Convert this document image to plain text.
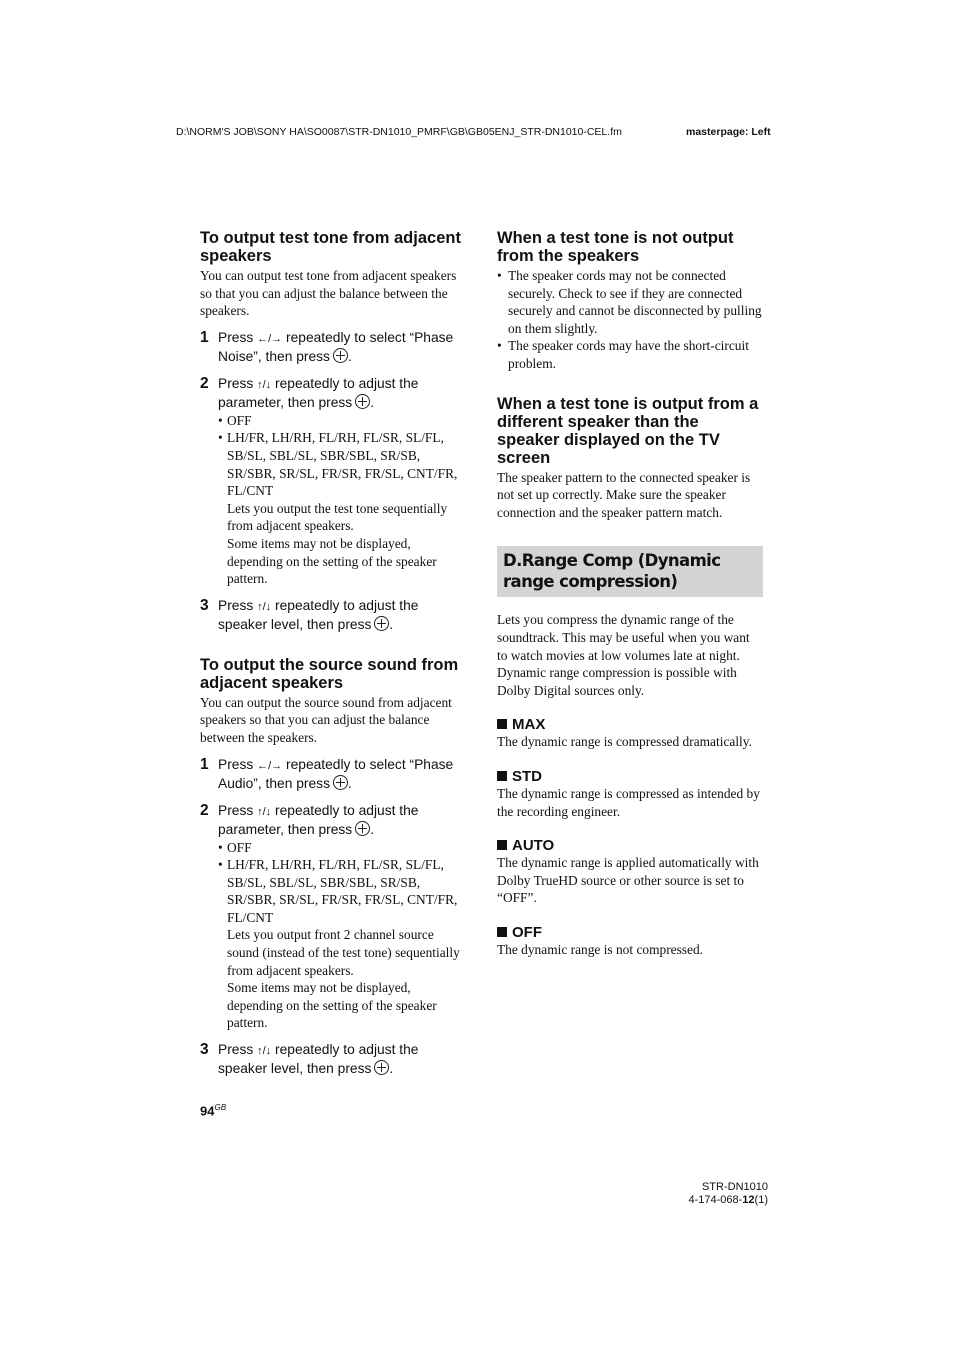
D:\NORM'S JOB\SONY HA\SO0087\STR-DN1010_PMRF\GB\GB05ENJ_STR-DN1010-CEL.fm	masterpage: Left
To output test tone from adjacent speakers

You can output test tone from adjacent speakers so that you can adjust the balance between the speakers.

1 Press ←/→ repeatedly to select “Phase Noise”, then press .
2 Press ↑/↓ repeatedly to adjust the parameter, then press .
• OFF
• LH/FR, LH/RH, FL/RH, FL/SR, SL/FL, SB/SL, SBL/SL, SBR/SBL, SR/SB, SR/SBR, SR/SL, FR/SR, FR/SL, CNT/FR, FL/CNT
Lets you output the test tone sequentially from adjacent speakers.
Some items may not be displayed, depending on the setting of the speaker pattern.
3 Press ↑/↓ repeatedly to adjust the speaker level, then press .
To output the source sound from adjacent speakers

You can output the source sound from adjacent speakers so that you can adjust the balance between the speakers.

1 Press ←/→ repeatedly to select “Phase Audio”, then press .
2 Press ↑/↓ repeatedly to adjust the parameter, then press .
• OFF
• LH/FR, LH/RH, FL/RH, FL/SR, SL/FL, SB/SL, SBL/SL, SBR/SBL, SR/SB, SR/SBR, SR/SL, FR/SR, FR/SL, CNT/FR, FL/CNT
Lets you output front 2 channel source sound (instead of the test tone) sequentially from adjacent speakers.
Some items may not be displayed, depending on the setting of the speaker pattern.
3 Press ↑/↓ repeatedly to adjust the speaker level, then press .
When a test tone is not output from the speakers
• The speaker cords may not be connected securely. Check to see if they are connected securely and cannot be disconnected by pulling on them slightly.
• The speaker cords may have the short-circuit problem.
When a test tone is output from a different speaker than the speaker displayed on the TV screen

The speaker pattern to the connected speaker is not set up correctly. Make sure the speaker connection and the speaker pattern match.

D.Range Comp (Dynamic range compression)

Lets you compress the dynamic range of the soundtrack. This may be useful when you want to watch movies at low volumes late at night. Dynamic range compression is possible with Dolby Digital sources only.

MAX

The dynamic range is compressed dramatically.

STD

The dynamic range is compressed as intended by the recording engineer.

AUTO

The dynamic range is applied automatically with Dolby TrueHD source or other source is set to “OFF”.

OFF

The dynamic range is not compressed.

$94^{GB}$
STR-DN1010
4-174-068-12(1)
